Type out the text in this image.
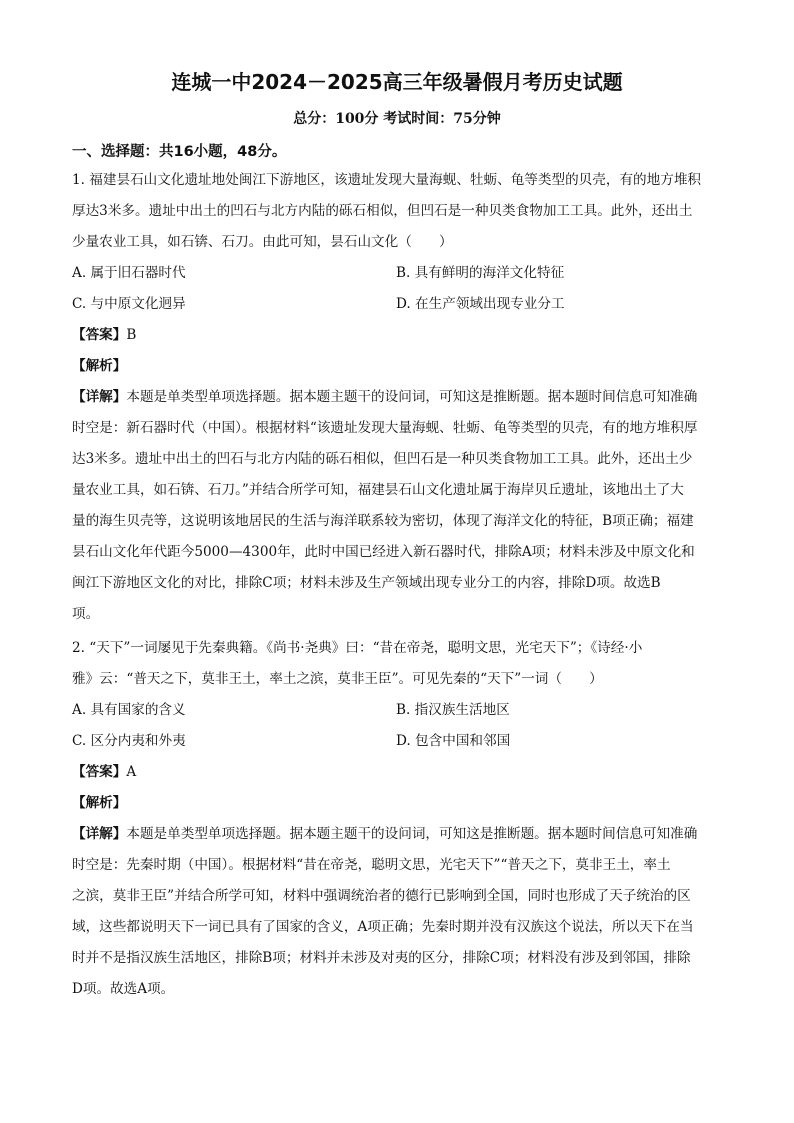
连城一中2024－2025高三年级暑假月考历史试题
总分：100分 考试时间：75分钟
一、选择题：共16小题，48分。
1. 福建昙石山文化遗址地处闽江下游地区，该遗址发现大量海蚬、牡蛎、龟等类型的贝壳，有的地方堆积
厚达3米多。遗址中出土的凹石与北方内陆的砾石相似，但凹石是一种贝类食物加工工具。此外，还出土
少量农业工具，如石锛、石刀。由此可知，昙石山文化（　　）
A. 属于旧石器时代	B. 具有鲜明的海洋文化特征
C. 与中原文化迥异	D. 在生产领域出现专业分工
【答案】B
【解析】
【详解】本题是单类型单项选择题。据本题主题干的设问词，可知这是推断题。据本题时间信息可知准确
时空是：新石器时代（中国）。根据材料“该遗址发现大量海蚬、牡蛎、龟等类型的贝壳，有的地方堆积厚
达3米多。遗址中出土的凹石与北方内陆的砾石相似，但凹石是一种贝类食物加工工具。此外，还出土少
量农业工具，如石锛、石刀。”并结合所学可知，福建昙石山文化遗址属于海岸贝丘遗址，该地出土了大
量的海生贝壳等，这说明该地居民的生活与海洋联系较为密切，体现了海洋文化的特征，B项正确；福建
昙石山文化年代距今5000—4300年，此时中国已经进入新石器时代，排除A项；材料未涉及中原文化和
闽江下游地区文化的对比，排除C项；材料未涉及生产领域出现专业分工的内容，排除D项。故选B
项。
2. “天下”一词屡见于先秦典籍。《尚书·尧典》曰：“昔在帝尧，聪明文思，光宅天下”；《诗经·小
雅》云：“普天之下，莫非王土，率土之滨，莫非王臣”。可见先秦的“天下”一词（　　）
A. 具有国家的含义	B. 指汉族生活地区
C. 区分内夷和外夷	D. 包含中国和邻国
【答案】A
【解析】
【详解】本题是单类型单项选择题。据本题主题干的设问词，可知这是推断题。据本题时间信息可知准确
时空是：先秦时期（中国）。根据材料“昔在帝尧，聪明文思，光宅天下”“普天之下，莫非王土，率土
之滨，莫非王臣”并结合所学可知，材料中强调统治者的德行已影响到全国，同时也形成了天子统治的区
域，这些都说明天下一词已具有了国家的含义，A项正确；先秦时期并没有汉族这个说法，所以天下在当
时并不是指汉族生活地区，排除B项；材料并未涉及对夷的区分，排除C项；材料没有涉及到邻国，排除
D项。故选A项。
